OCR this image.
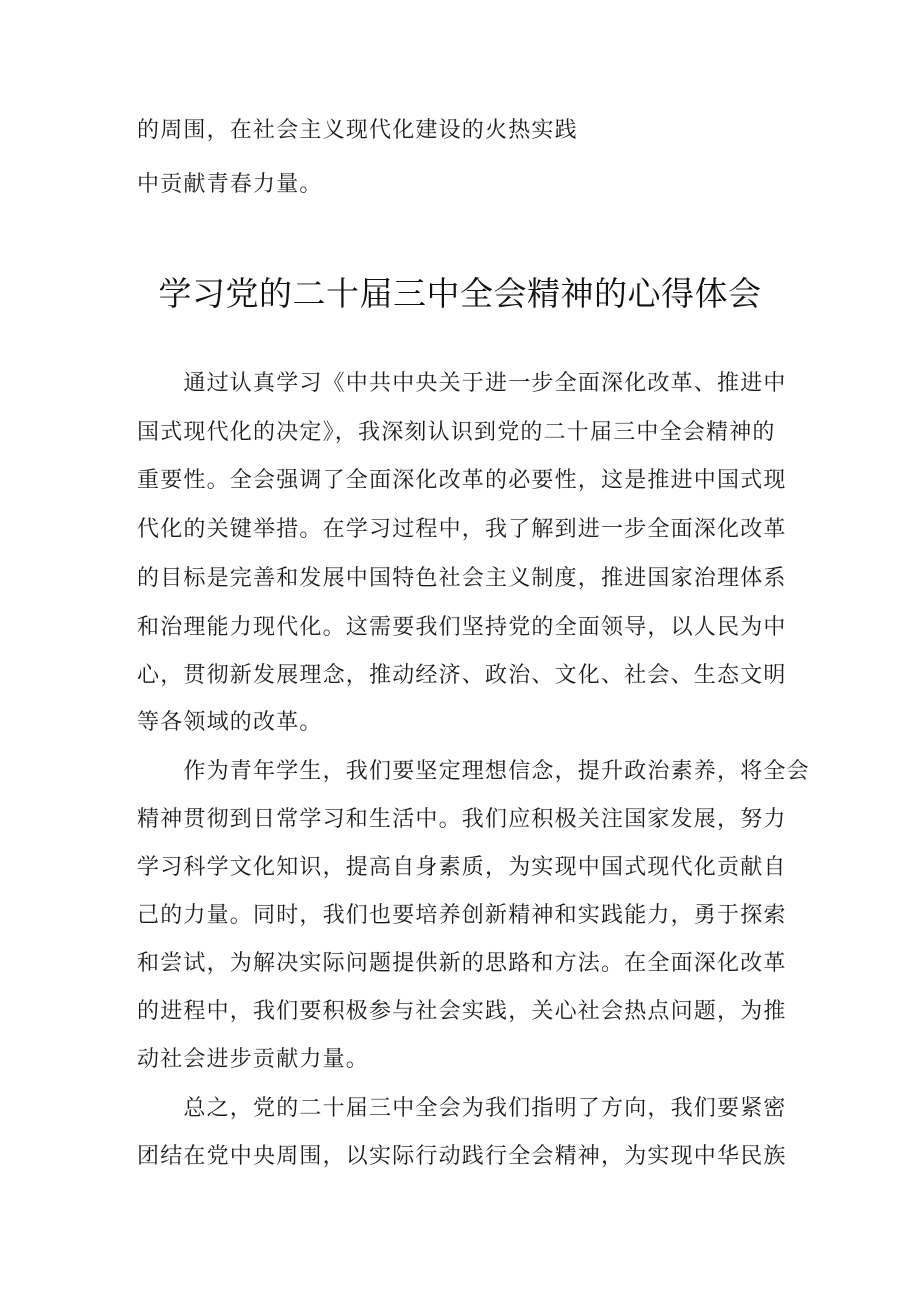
的周围，在社会主义现代化建设的火热实践
中贡献青春力量。
学习党的二十届三中全会精神的心得体会
　　通过认真学习《中共中央关于进一步全面深化改革、推进中
国式现代化的决定》，我深刻认识到党的二十届三中全会精神的
重要性。全会强调了全面深化改革的必要性，这是推进中国式现
代化的关键举措。在学习过程中，我了解到进一步全面深化改革
的目标是完善和发展中国特色社会主义制度，推进国家治理体系
和治理能力现代化。这需要我们坚持党的全面领导，以人民为中
心，贯彻新发展理念，推动经济、政治、文化、社会、生态文明
等各领域的改革。
　　作为青年学生，我们要坚定理想信念，提升政治素养，将全会
精神贯彻到日常学习和生活中。我们应积极关注国家发展，努力
学习科学文化知识，提高自身素质，为实现中国式现代化贡献自
己的力量。同时，我们也要培养创新精神和实践能力，勇于探索
和尝试，为解决实际问题提供新的思路和方法。在全面深化改革
的进程中，我们要积极参与社会实践，关心社会热点问题，为推
动社会进步贡献力量。
　　总之，党的二十届三中全会为我们指明了方向，我们要紧密
团结在党中央周围，以实际行动践行全会精神，为实现中华民族
